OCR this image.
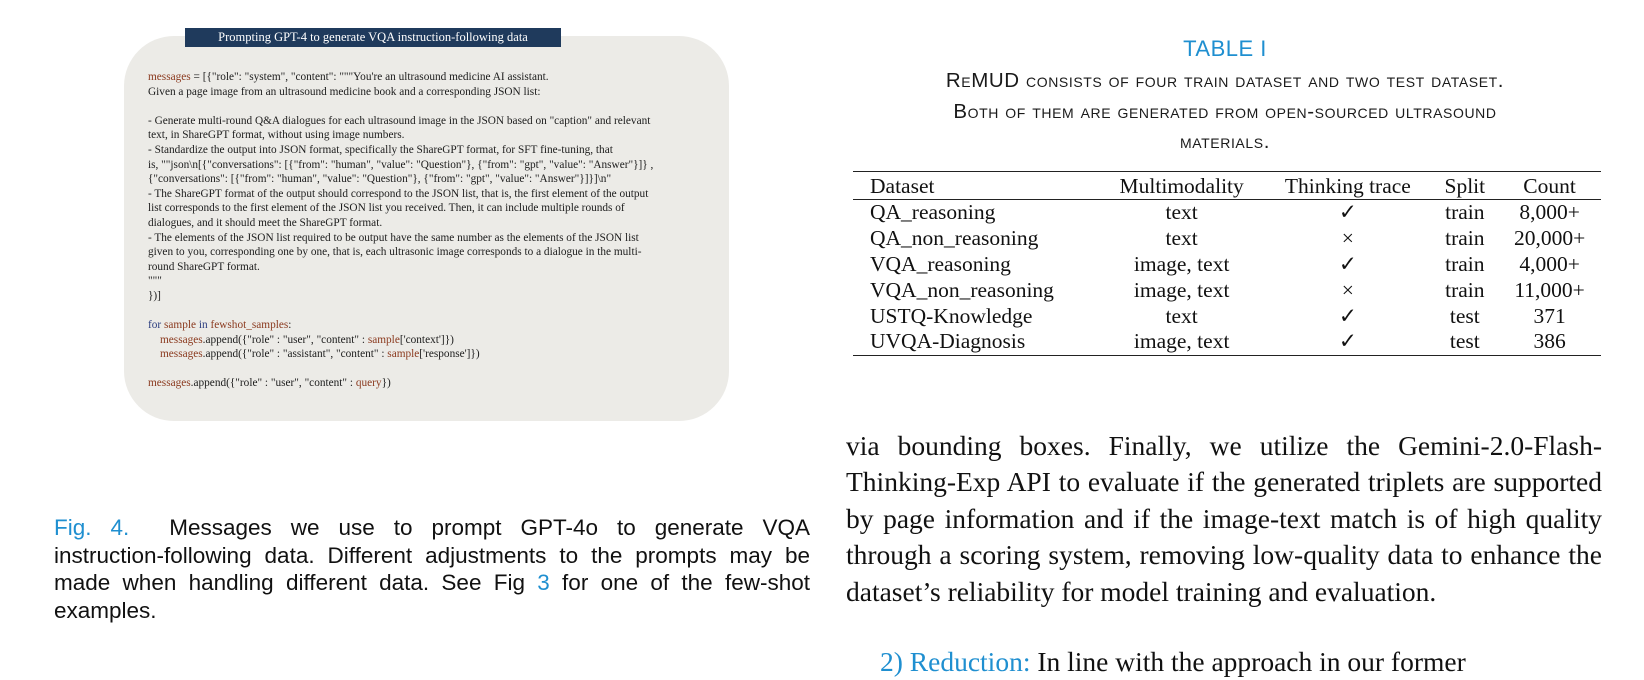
messages = [{"role": "system", "content": """You're an ultrasound medicine AI assistant.
Given a page image from an ultrasound medicine book and a corresponding JSON list:
- Generate multi-round Q&A dialogues for each ultrasound image in the JSON based on "caption" and relevant
text, in ShareGPT format, without using image numbers.
- Standardize the output into JSON format, specifically the ShareGPT format, for SFT fine-tuning, that
is, ""json\n[{"conversations": [{"from": "human", "value": "Question"}, {"from": "gpt", "value": "Answer"}]} ,
{"conversations": [{"from": "human", "value": "Question"}, {"from": "gpt", "value": "Answer"}]}]\n"
- The ShareGPT format of the output should correspond to the JSON list, that is, the first element of the output
list corresponds to the first element of the JSON list you received. Then, it can include multiple rounds of
dialogues, and it should meet the ShareGPT format.
- The elements of the JSON list required to be output have the same number as the elements of the JSON list
given to you, corresponding one by one, that is, each ultrasonic image corresponds to a dialogue in the multi-
round ShareGPT format.
"""
})]
for sample in fewshot_samples:
messages.append({"role" : "user", "content" : sample['context']})
messages.append({"role" : "assistant", "content" : sample['response']})
messages.append({"role" : "user", "content" : query})
Prompting GPT-4 to generate VQA instruction-following data
Fig. 4. Messages we use to prompt GPT-4o to generate VQA instruction-following data. Different adjustments to the prompts may be made when handling different data. See Fig 3 for one of the few-shot examples.
TABLE I
ReMUD consists of four train dataset and two test dataset.
Both of them are generated from open-sourced ultrasound
materials.
Dataset	Multimodality	Thinking trace	Split	Count
QA_reasoning	text	✓	train	8,000+
QA_non_reasoning	text	×	train	20,000+
VQA_reasoning	image, text	✓	train	4,000+
VQA_non_reasoning	image, text	×	train	11,000+
USTQ-Knowledge	text	✓	test	371
UVQA-Diagnosis	image, text	✓	test	386
via bounding boxes. Finally, we utilize the Gemini-2.0-Flash-Thinking-Exp API to evaluate if the generated triplets are supported by page information and if the image-text match is of high quality through a scoring system, removing low-quality data to enhance the dataset’s reliability for model training and evaluation.
2) Reduction: In line with the approach in our former
